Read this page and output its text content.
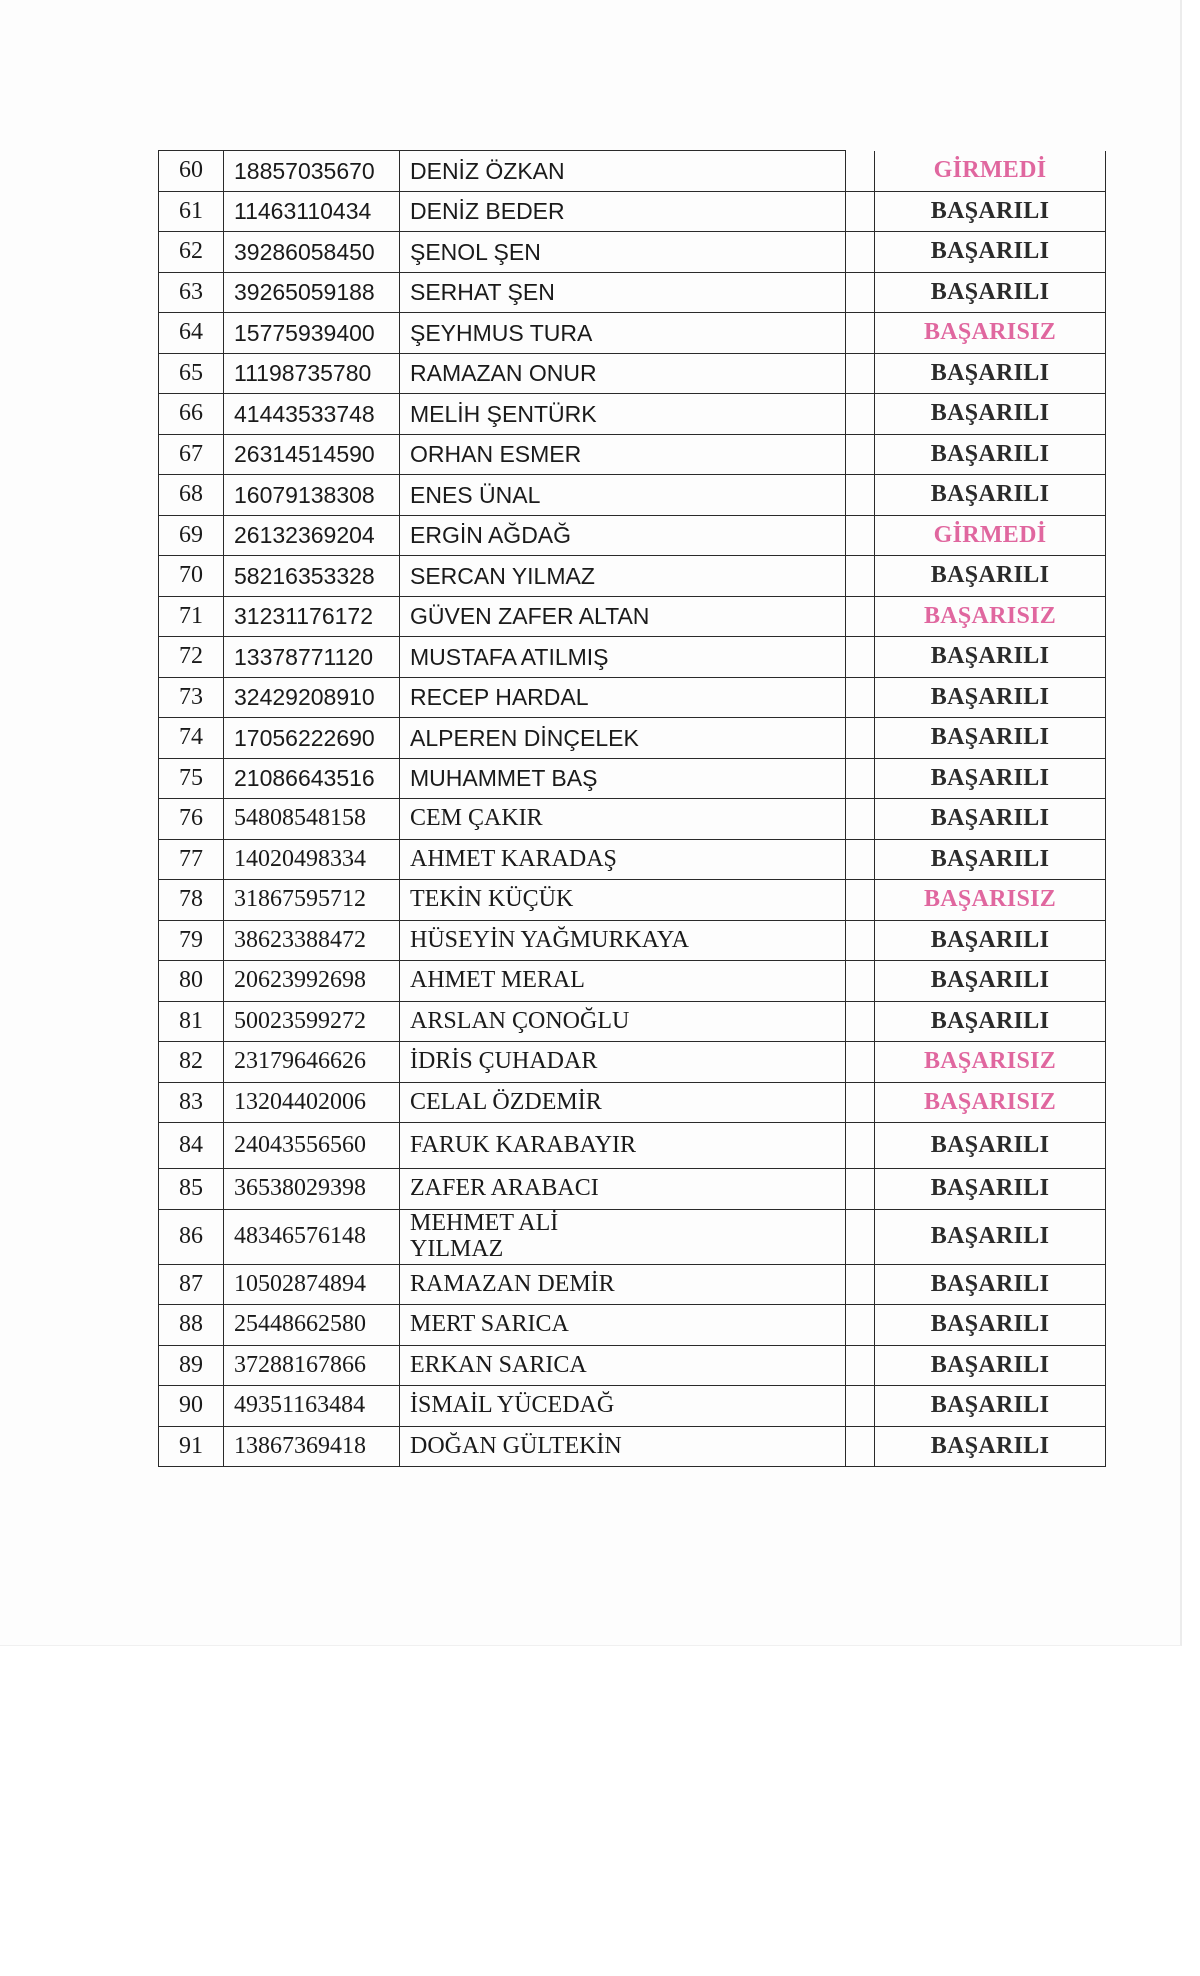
60	18857035670	DENİZ ÖZKAN		GİRMEDİ
61	11463110434	DENİZ BEDER		BAŞARILI
62	39286058450	ŞENOL ŞEN		BAŞARILI
63	39265059188	SERHAT ŞEN		BAŞARILI
64	15775939400	ŞEYHMUS TURA		BAŞARISIZ
65	11198735780	RAMAZAN ONUR		BAŞARILI
66	41443533748	MELİH ŞENTÜRK		BAŞARILI
67	26314514590	ORHAN ESMER		BAŞARILI
68	16079138308	ENES ÜNAL		BAŞARILI
69	26132369204	ERGİN AĞDAĞ		GİRMEDİ
70	58216353328	SERCAN YILMAZ		BAŞARILI
71	31231176172	GÜVEN ZAFER ALTAN		BAŞARISIZ
72	13378771120	MUSTAFA ATILMIŞ		BAŞARILI
73	32429208910	RECEP HARDAL		BAŞARILI
74	17056222690	ALPEREN DİNÇELEK		BAŞARILI
75	21086643516	MUHAMMET BAŞ		BAŞARILI
76	54808548158	CEM ÇAKIR		BAŞARILI
77	14020498334	AHMET KARADAŞ		BAŞARILI
78	31867595712	TEKİN KÜÇÜK		BAŞARISIZ
79	38623388472	HÜSEYİN YAĞMURKAYA		BAŞARILI
80	20623992698	AHMET MERAL		BAŞARILI
81	50023599272	ARSLAN ÇONOĞLU		BAŞARILI
82	23179646626	İDRİS ÇUHADAR		BAŞARISIZ
83	13204402006	CELAL ÖZDEMİR		BAŞARISIZ
84	24043556560	FARUK KARABAYIR		BAŞARILI
85	36538029398	ZAFER ARABACI		BAŞARILI
86	48346576148	MEHMET ALİ
YILMAZ		BAŞARILI
87	10502874894	RAMAZAN DEMİR		BAŞARILI
88	25448662580	MERT SARICA		BAŞARILI
89	37288167866	ERKAN SARICA		BAŞARILI
90	49351163484	İSMAİL YÜCEDAĞ		BAŞARILI
91	13867369418	DOĞAN GÜLTEKİN		BAŞARILI
